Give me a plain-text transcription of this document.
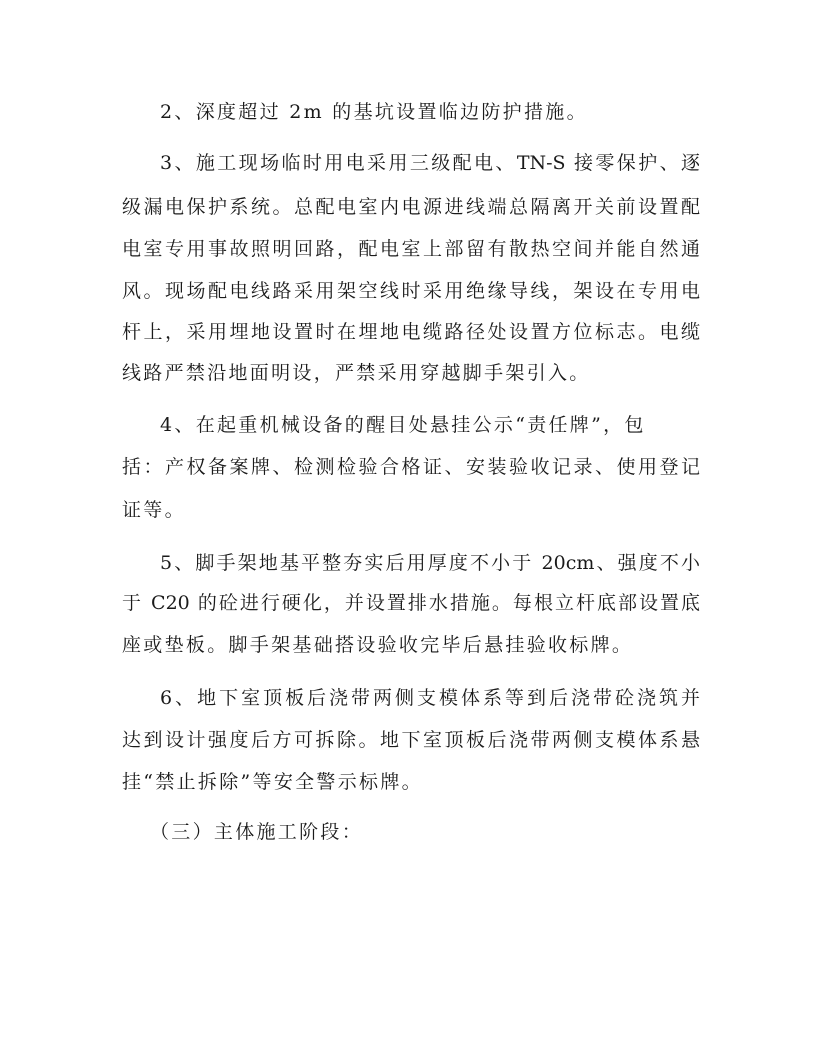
2、深度超过 2m 的基坑设置临边防护措施。
3、施工现场临时用电采用三级配电、TN-S 接零保护、逐
级漏电保护系统。总配电室内电源进线端总隔离开关前设置配
电室专用事故照明回路，配电室上部留有散热空间并能自然通
风。现场配电线路采用架空线时采用绝缘导线，架设在专用电
杆上，采用埋地设置时在埋地电缆路径处设置方位标志。电缆
线路严禁沿地面明设，严禁采用穿越脚手架引入。
4、在起重机械设备的醒目处悬挂公示“责任牌”，包
括：产权备案牌、检测检验合格证、安装验收记录、使用登记
证等。
5、脚手架地基平整夯实后用厚度不小于 20cm、强度不小
于 C20 的砼进行硬化，并设置排水措施。每根立杆底部设置底
座或垫板。脚手架基础搭设验收完毕后悬挂验收标牌。
6、地下室顶板后浇带两侧支模体系等到后浇带砼浇筑并
达到设计强度后方可拆除。地下室顶板后浇带两侧支模体系悬
挂“禁止拆除”等安全警示标牌。
（三）主体施工阶段：
